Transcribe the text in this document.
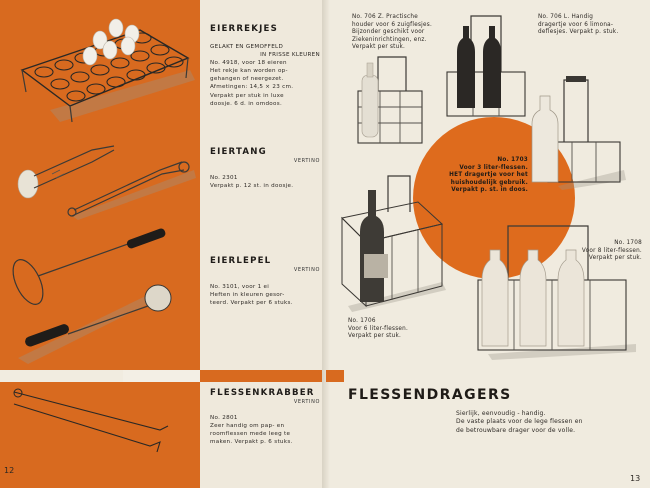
EIERREKJES

GELAKT EN GEMOFFELD

IN FRISSE KLEUREN

No. 4918, voor 18 eieren

Het rekje kan worden op-

gehangen of neergezet.

Afmetingen: 14,5 × 23 cm.

Verpakt per stuk in luxe

doosje. 6 d. in omdoos.

EIERTANG
VERTINO

No. 2301

Verpakt p. 12 st. in doosje.

EIERLEPEL
VERTINO

No. 3101, voor 1 ei

Heften in kleuren gesor-

teerd. Verpakt per 6 stuks.

FLESSENKRABBER
VERTINO

No. 2801

Zeer handig om pap- en

roomflessen mede leeg te

maken. Verpakt p. 6 stuks.

12
No. 706 Z. Practische
houder voor 6 zuigflesjes.
Bijzonder geschikt voor
Ziekeninrichtingen, enz.
Verpakt per stuk.
No. 706 L. Handig
dragertje voor 6 limona-
deflesjes. Verpakt p. stuk.
No. 1703
Voor 3 liter-flessen.
HET dragertje voor het
huishoudelijk gebruik.
Verpakt p. st. in doos.
No. 1708
Voor 8 liter-flessen.
Verpakt per stuk.
No. 1706
Voor 6 liter-flessen.
Verpakt per stuk.
FLESSENDRAGERS
Sierlijk, eenvoudig - handig.
De vaste plaats voor de lege flessen en
de betrouwbare drager voor de volle.
13
